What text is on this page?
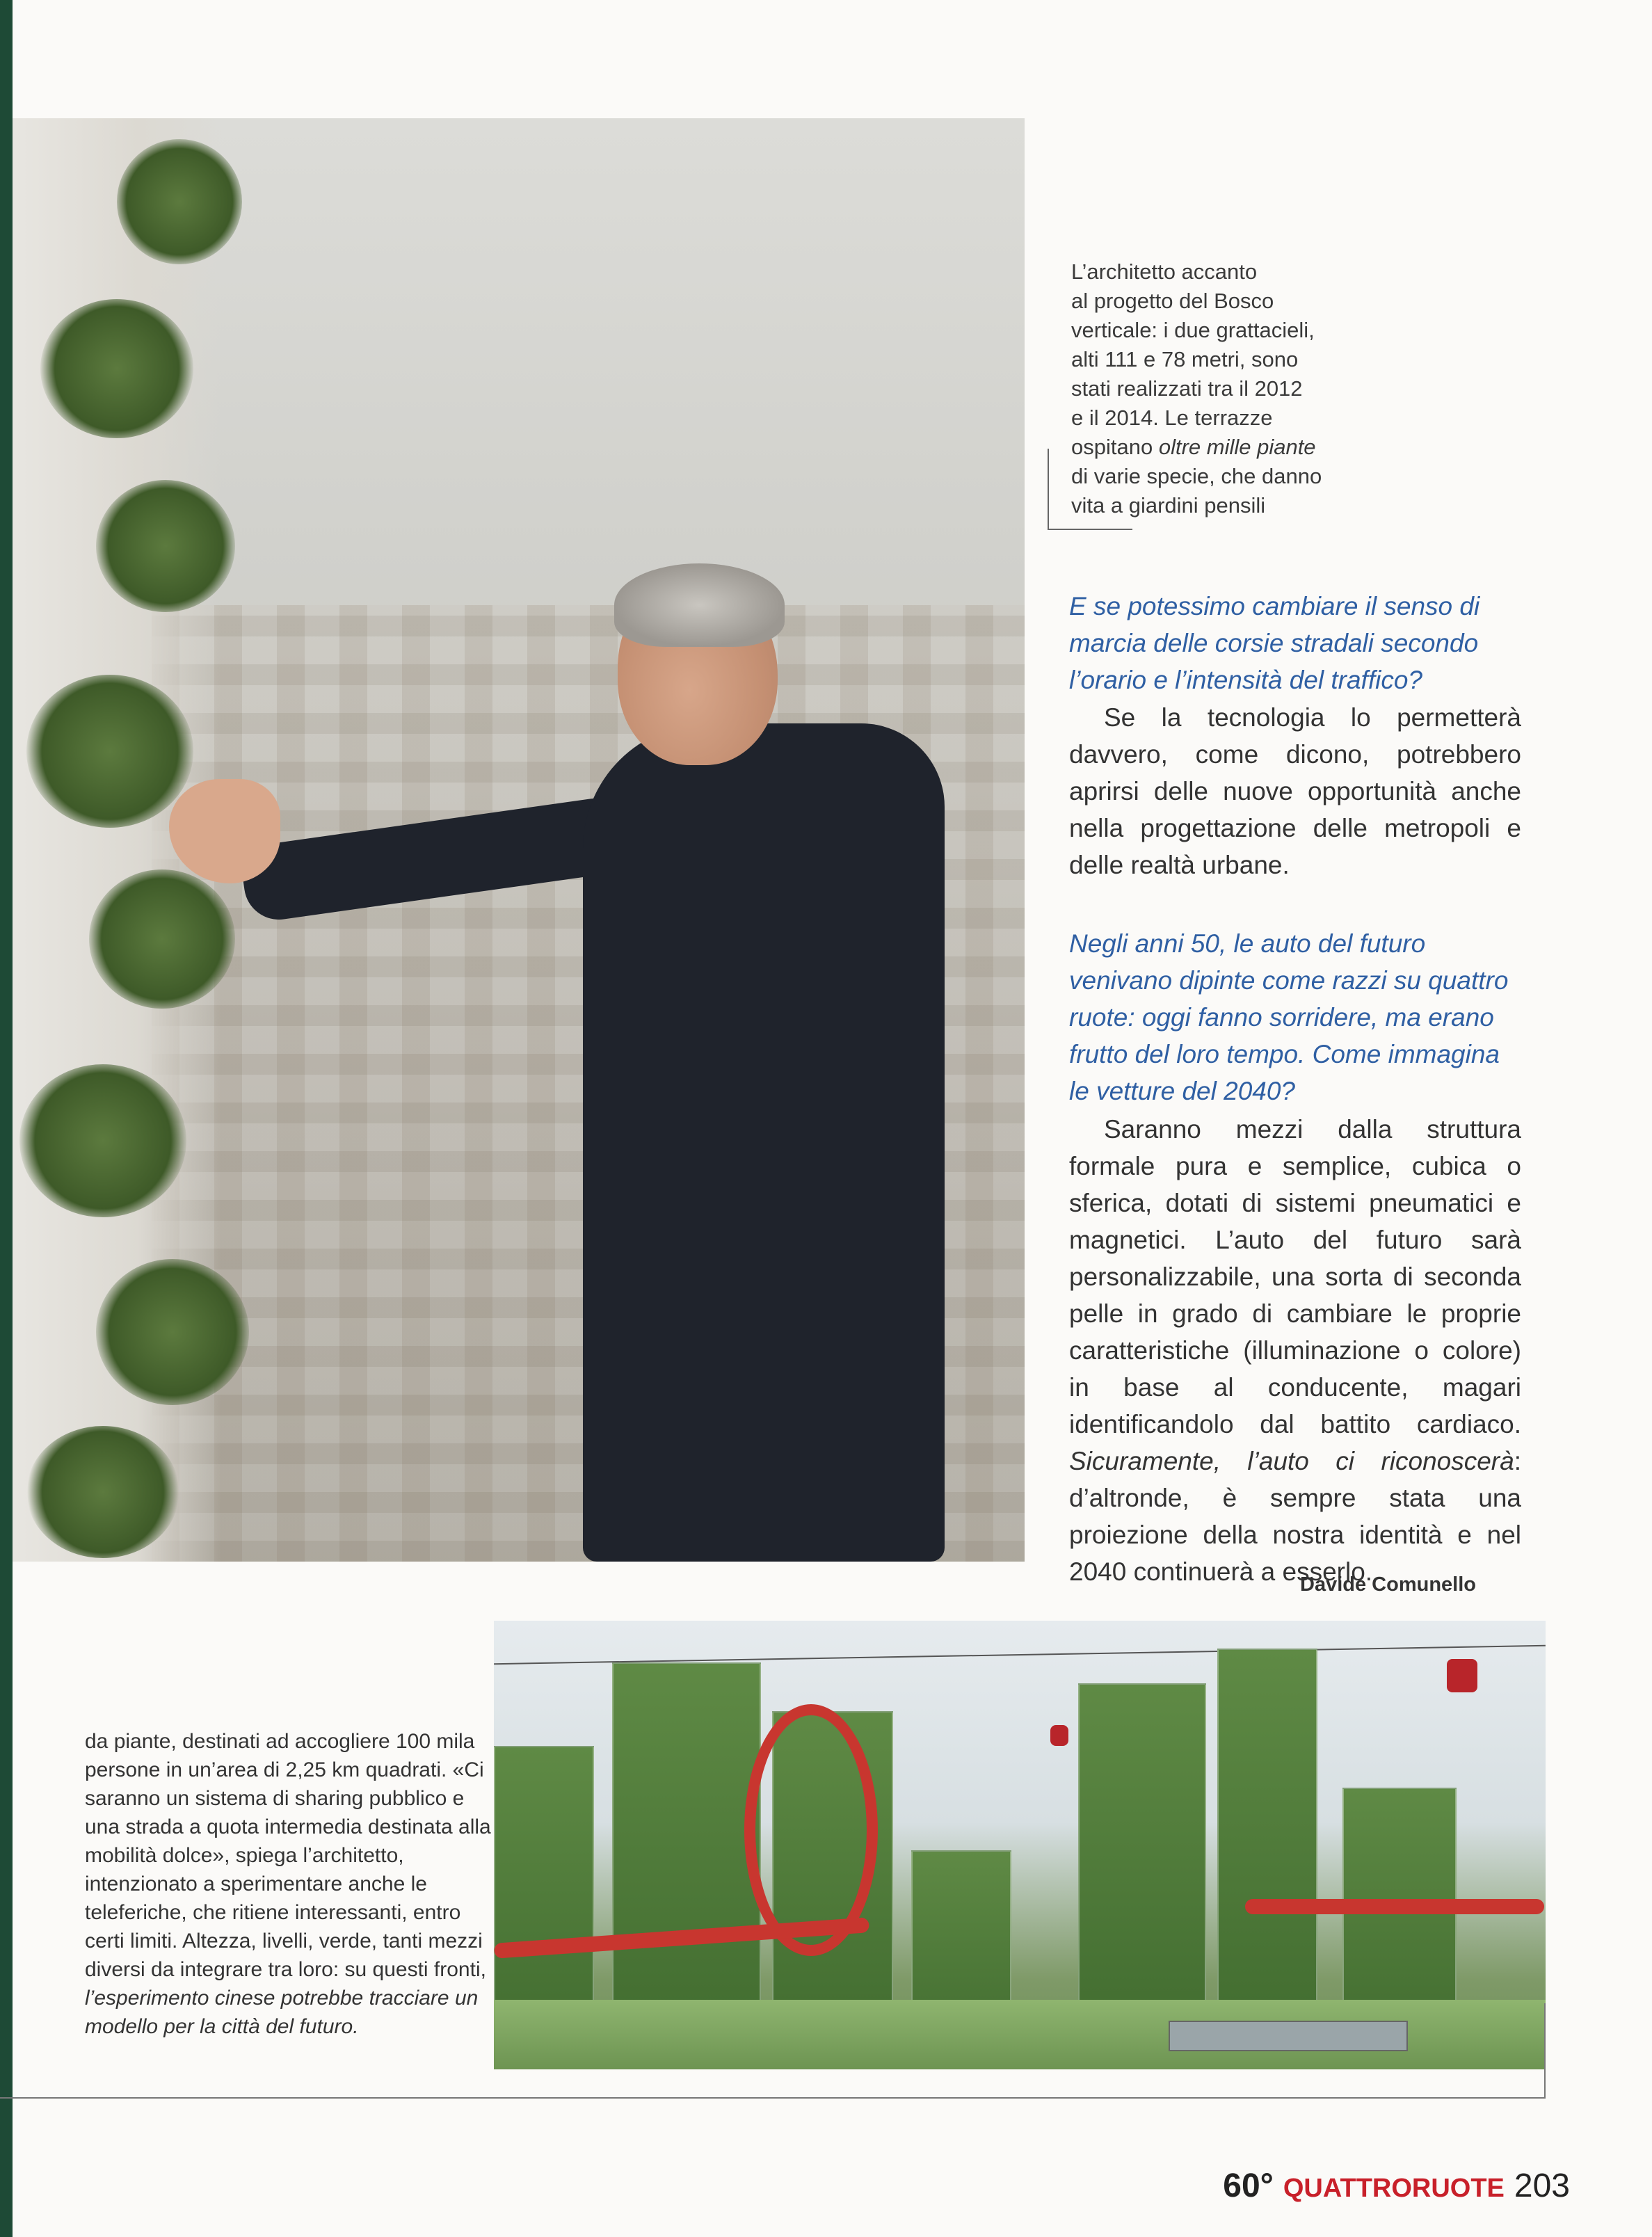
L’architetto accanto
al progetto del Bosco
verticale: i due grattacieli,
alti 111 e 78 metri, sono
stati realizzati tra il 2012
e il 2014. Le terrazze
ospitano oltre mille piante
di varie specie, che danno
vita a giardini pensili
E se potessimo cambiare il senso di marcia delle corsie stradali secondo l’orario e l’intensità del traffico?

Se la tecnologia lo permetterà davvero, come dicono, potrebbero aprirsi delle nuove opportunità anche nella progettazione delle metropoli e delle realtà urbane.

Negli anni 50, le auto del futuro venivano dipinte come razzi su quattro ruote: oggi fanno sorridere, ma erano frutto del loro tempo. Come immagina le vetture del 2040?

Saranno mezzi dalla struttura formale pura e semplice, cubica o sferica, dotati di sistemi pneumatici e magnetici. L’auto del futuro sarà personalizzabile, una sorta di seconda pelle in grado di cambiare le proprie caratteristiche (illuminazione o colore) in base al conducente, magari identificandolo dal battito cardiaco. Sicuramente, l’auto ci riconoscerà: d’altronde, è sempre stata una proiezione della nostra identità e nel 2040 continuerà a esserlo.

Davide Comunello
da piante, destinati ad accogliere 100 mila persone in un’area di 2,25 km quadrati. «Ci saranno un sistema di sharing pubblico e una strada a quota intermedia destinata alla mobilità dolce», spiega l’architetto, intenzionato a sperimentare anche le teleferiche, che ritiene interessanti, entro certi limiti. Altezza, livelli, verde, tanti mezzi diversi da integrare tra loro: su questi fronti, l’esperimento cinese potrebbe tracciare un modello per la città del futuro.
60° QUATTRORUOTE 203
